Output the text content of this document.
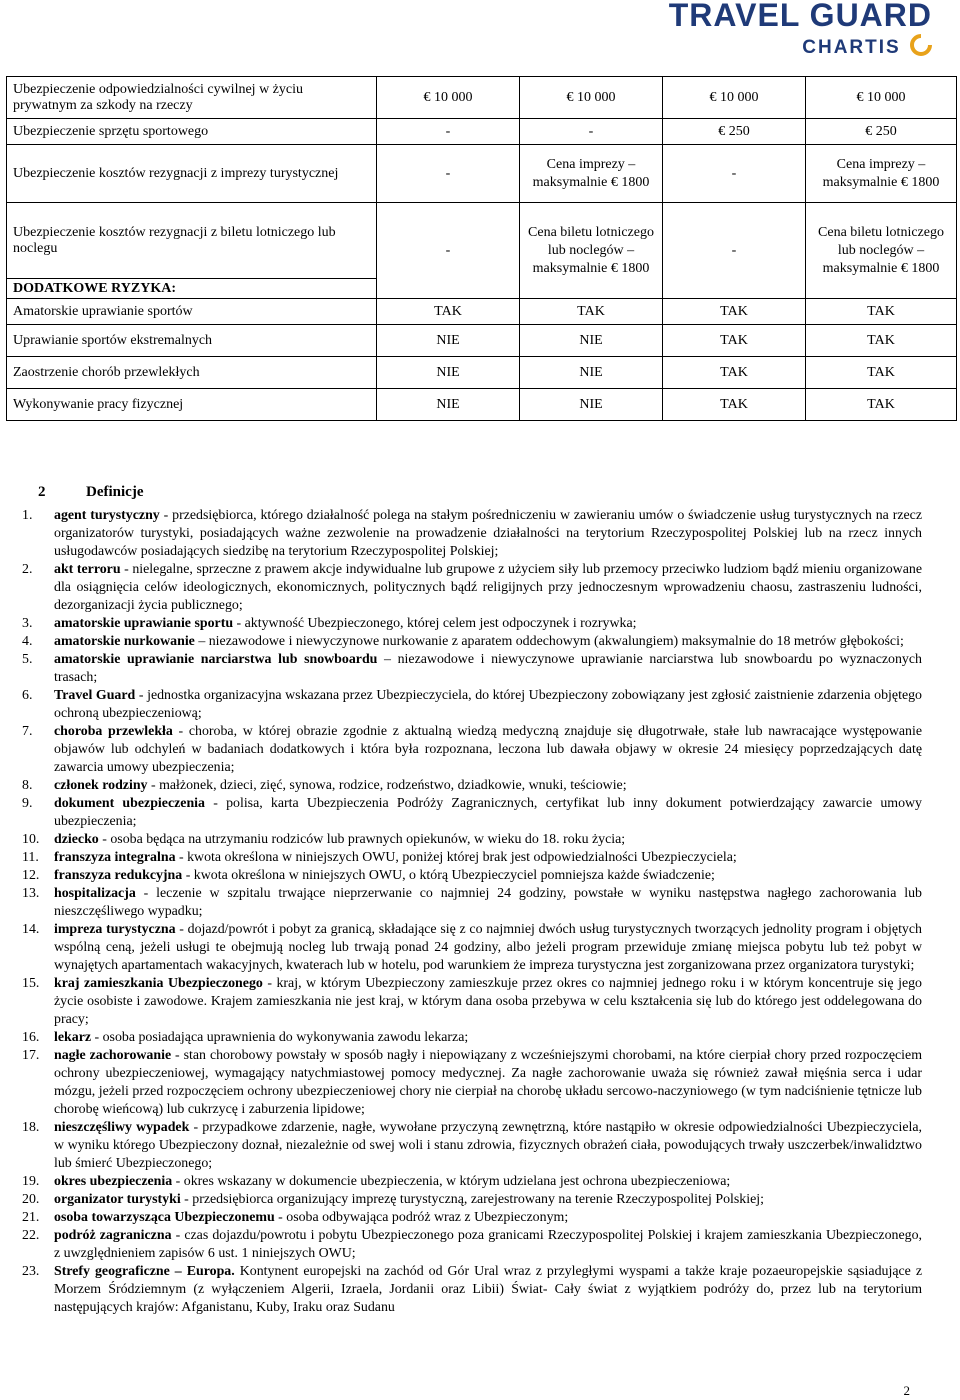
TRAVEL GUARD
CHARTIS
Ubezpieczenie odpowiedzialności cywilnej w życiu prywatnym za szkody na rzeczy	€ 10 000	€ 10 000	€ 10 000	€ 10 000
Ubezpieczenie sprzętu sportowego	-	-	€ 250	€ 250
Ubezpieczenie kosztów rezygnacji z imprezy turystycznej	-	Cena imprezy – maksymalnie € 1800	-	Cena imprezy – maksymalnie € 1800
Ubezpieczenie kosztów rezygnacji z biletu lotniczego lub noclegu	-	Cena biletu lotniczego lub noclegów – maksymalnie € 1800	-	Cena biletu lotniczego lub noclegów – maksymalnie € 1800
DODATKOWE RYZYKA:				
Amatorskie uprawianie sportów	TAK	TAK	TAK	TAK
Uprawianie sportów ekstremalnych	NIE	NIE	TAK	TAK
Zaostrzenie chorób przewlekłych	NIE	NIE	TAK	TAK
Wykonywanie pracy fizycznej	NIE	NIE	TAK	TAK
2	Definicje
1. agent turystyczny - przedsiębiorca, którego działalność polega na stałym pośredniczeniu w zawieraniu umów o świadczenie usług turystycznych na rzecz organizatorów turystyki, posiadających ważne zezwolenie na prowadzenie działalności na terytorium Rzeczypospolitej Polskiej lub na rzecz innych usługodawców posiadających siedzibę na terytorium Rzeczypospolitej Polskiej;
2. akt terroru - nielegalne, sprzeczne z prawem akcje indywidualne lub grupowe z użyciem siły lub przemocy przeciwko ludziom bądź mieniu organizowane dla osiągnięcia celów ideologicznych, ekonomicznych, politycznych bądź religijnych przy jednoczesnym wprowadzeniu chaosu, zastraszeniu ludności, dezorganizacji życia publicznego;
3. amatorskie uprawianie sportu - aktywność Ubezpieczonego, której celem jest odpoczynek i rozrywka;
4. amatorskie nurkowanie – niezawodowe i niewyczynowe nurkowanie z aparatem oddechowym (akwalungiem) maksymalnie do 18 metrów głębokości;
5. amatorskie uprawianie narciarstwa lub snowboardu – niezawodowe i niewyczynowe uprawianie narciarstwa lub snowboardu po wyznaczonych trasach;
6. Travel Guard - jednostka organizacyjna wskazana przez Ubezpieczyciela, do której Ubezpieczony zobowiązany jest zgłosić zaistnienie zdarzenia objętego ochroną ubezpieczeniową;
7. choroba przewlekła - choroba, w której obrazie zgodnie z aktualną wiedzą medyczną znajduje się długotrwałe, stałe lub nawracające występowanie objawów lub odchyleń w badaniach dodatkowych i która była rozpoznana, leczona lub dawała objawy w okresie 24 miesięcy poprzedzających datę zawarcia umowy ubezpieczenia;
8. członek rodziny - małżonek, dzieci, zięć, synowa, rodzice, rodzeństwo, dziadkowie, wnuki, teściowie;
9. dokument ubezpieczenia - polisa, karta Ubezpieczenia Podróży Zagranicznych, certyfikat lub inny dokument potwierdzający zawarcie umowy ubezpieczenia;
10. dziecko - osoba będąca na utrzymaniu rodziców lub prawnych opiekunów, w wieku do 18. roku życia;
11. franszyza integralna - kwota określona w niniejszych OWU, poniżej której brak jest odpowiedzialności Ubezpieczyciela;
12. franszyza redukcyjna - kwota określona w niniejszych OWU, o którą Ubezpieczyciel pomniejsza każde świadczenie;
13. hospitalizacja - leczenie w szpitalu trwające nieprzerwanie co najmniej 24 godziny, powstałe w wyniku następstwa nagłego zachorowania lub nieszczęśliwego wypadku;
14. impreza turystyczna - dojazd/powrót i pobyt za granicą, składające się z co najmniej dwóch usług turystycznych tworzących jednolity program i objętych wspólną ceną, jeżeli usługi te obejmują nocleg lub trwają ponad 24 godziny, albo jeżeli program przewiduje zmianę miejsca pobytu lub też pobyt w wynajętych apartamentach wakacyjnych, kwaterach lub w hotelu, pod warunkiem że impreza turystyczna jest zorganizowana przez organizatora turystyki;
15. kraj zamieszkania Ubezpieczonego - kraj, w którym Ubezpieczony zamieszkuje przez okres co najmniej jednego roku i w którym koncentruje się jego życie osobiste i zawodowe. Krajem zamieszkania nie jest kraj, w którym dana osoba przebywa w celu kształcenia się lub do którego jest oddelegowana do pracy;
16. lekarz - osoba posiadająca uprawnienia do wykonywania zawodu lekarza;
17. nagłe zachorowanie - stan chorobowy powstały w sposób nagły i niepowiązany z wcześniejszymi chorobami, na które cierpiał chory przed rozpoczęciem ochrony ubezpieczeniowej, wymagający natychmiastowej pomocy medycznej. Za nagłe zachorowanie uważa się również zawał mięśnia serca i udar mózgu, jeżeli przed rozpoczęciem ochrony ubezpieczeniowej chory nie cierpiał na chorobę układu sercowo-naczyniowego (w tym nadciśnienie tętnicze lub chorobę wieńcową) lub cukrzycę i zaburzenia lipidowe;
18. nieszczęśliwy wypadek - przypadkowe zdarzenie, nagłe, wywołane przyczyną zewnętrzną, które nastąpiło w okresie odpowiedzialności Ubezpieczyciela, w wyniku którego Ubezpieczony doznał, niezależnie od swej woli i stanu zdrowia, fizycznych obrażeń ciała, powodujących trwały uszczerbek/inwalidztwo lub śmierć Ubezpieczonego;
19. okres ubezpieczenia - okres wskazany w dokumencie ubezpieczenia, w którym udzielana jest ochrona ubezpieczeniowa;
20. organizator turystyki - przedsiębiorca organizujący imprezę turystyczną, zarejestrowany na terenie Rzeczypospolitej Polskiej;
21. osoba towarzysząca Ubezpieczonemu - osoba odbywająca podróż wraz z Ubezpieczonym;
22. podróż zagraniczna - czas dojazdu/powrotu i pobytu Ubezpieczonego poza granicami Rzeczypospolitej Polskiej i krajem zamieszkania Ubezpieczonego, z uwzględnieniem zapisów 6 ust. 1 niniejszych OWU;
23. Strefy geograficzne – Europa. Kontynent europejski na zachód od Gór Ural wraz z przyległymi wyspami a także kraje pozaeuropejskie sąsiadujące z Morzem Śródziemnym (z wyłączeniem Algerii, Izraela, Jordanii oraz Libii) Świat- Cały świat z wyjątkiem podróży do, przez lub na terytorium następujących krajów: Afganistanu, Kuby, Iraku oraz Sudanu
2
